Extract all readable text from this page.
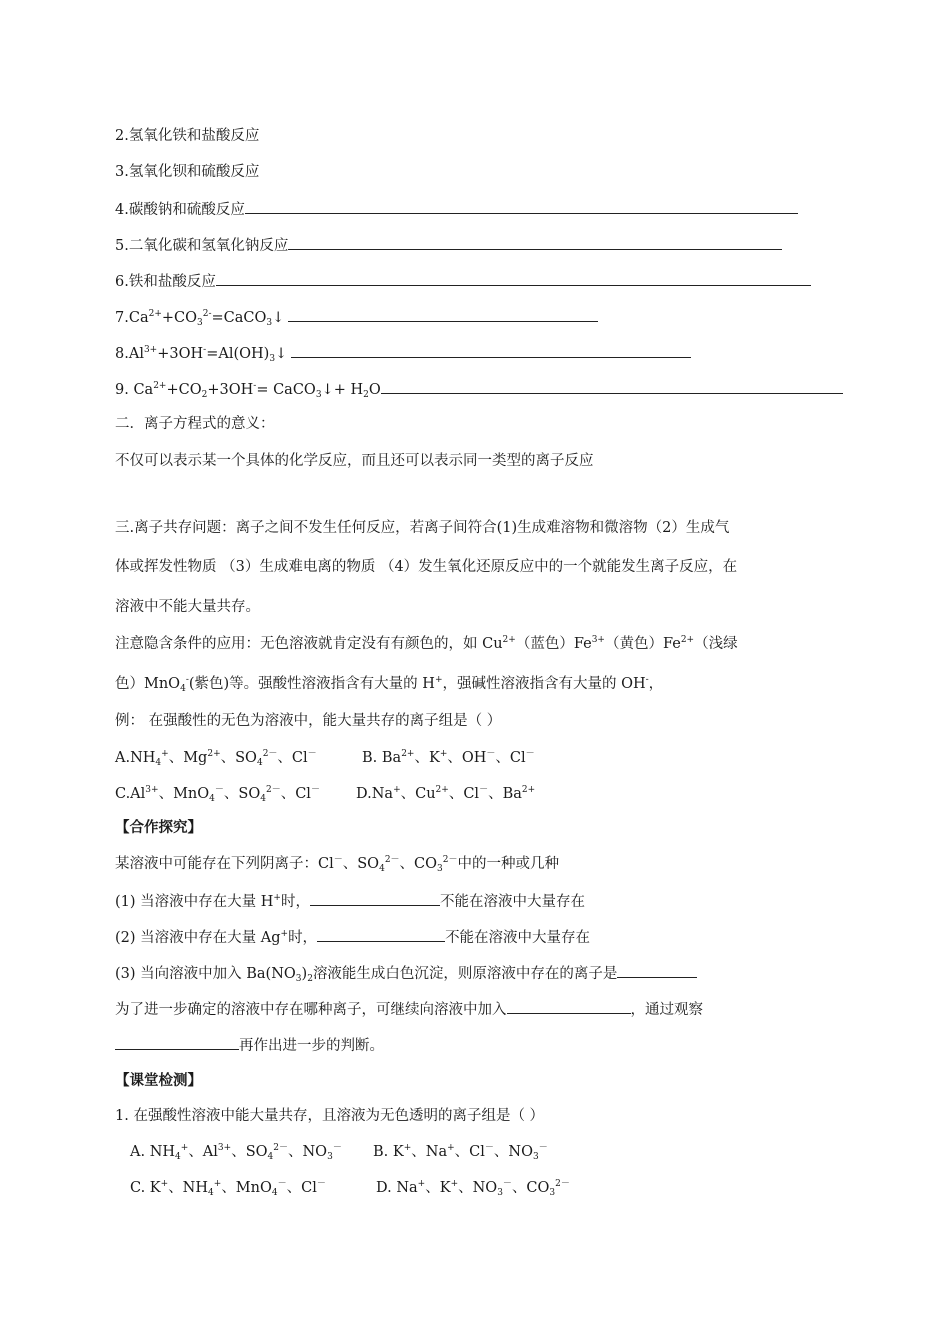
2.氢氧化铁和盐酸反应
3.氢氧化钡和硫酸反应
4.碳酸钠和硫酸反应
5.二氧化碳和氢氧化钠反应
6.铁和盐酸反应
$7.Ca^{2+}+CO_3^{2-}=CaCO_3↓$
$8.Al^{3+}+3OH^-=Al(OH)_3↓$
9. $Ca^{2+}+CO_2+3OH^-=$ CaCO$_3$↓+ $H_2O$
二．离子方程式的意义：
不仅可以表示某一个具体的化学反应，而且还可以表示同一类型的离子反应
三.离子共存问题：离子之间不发生任何反应，若离子间符合(1)生成难溶物和微溶物（2）生成气
体或挥发性物质 （3）生成难电离的物质 （4）发生氧化还原反应中的一个就能发生离子反应，在
溶液中不能大量共存。
注意隐含条件的应用：无色溶液就肯定没有有颜色的，如 $Cu^{2+}$（蓝色）$Fe^{3+}$（黄色）$Fe^{2+}$（浅绿
色）MnO$_4$-(紫色)等。强酸性溶液指含有大量的 H+，强碱性溶液指含有大量的 OH-，
例： 在强酸性的无色为溶液中，能大量共存的离子组是（ ）
$A.NH_4^+$、$Mg^{2+}$、$SO_4^{2-}$、Cl－	B. $Ba^{2+}$、K+、OH－、Cl－
$C.Al^{3+}$、MnO$_4$－、$SO_4^{2-}$、Cl－ D.Na+、$Cu^{2+}$、Cl－、$Ba^{2+}$
【合作探究】
某溶液中可能存在下列阴离子：Cl－、$SO_4^{2-}$、$CO_3^{2-}$中的一种或几种
(1) 当溶液中存在大量 H+时，	不能在溶液中大量存在
(2) 当溶液中存在大量 Ag+时，	不能在溶液中大量存在
(3) 当向溶液中加入 $Ba(NO_3)_2$溶液能生成白色沉淀，则原溶液中存在的离子是
为了进一步确定的溶液中存在哪种离子，可继续向溶液中加入	，通过观察
再作出进一步的判断。
【课堂检测】
1. 在强酸性溶液中能大量共存，且溶液为无色透明的离子组是（ ）
A. $NH_4^+$、$Al^{3+}$、$SO_4^{2-}$、$NO_3^-$ B. K+、Na+、Cl－、$NO_3^-$
C. K+、$NH_4^+$、MnO$_4$－、Cl－	D. Na+、K+、$NO_3^-$、$CO_3^{2-}$
